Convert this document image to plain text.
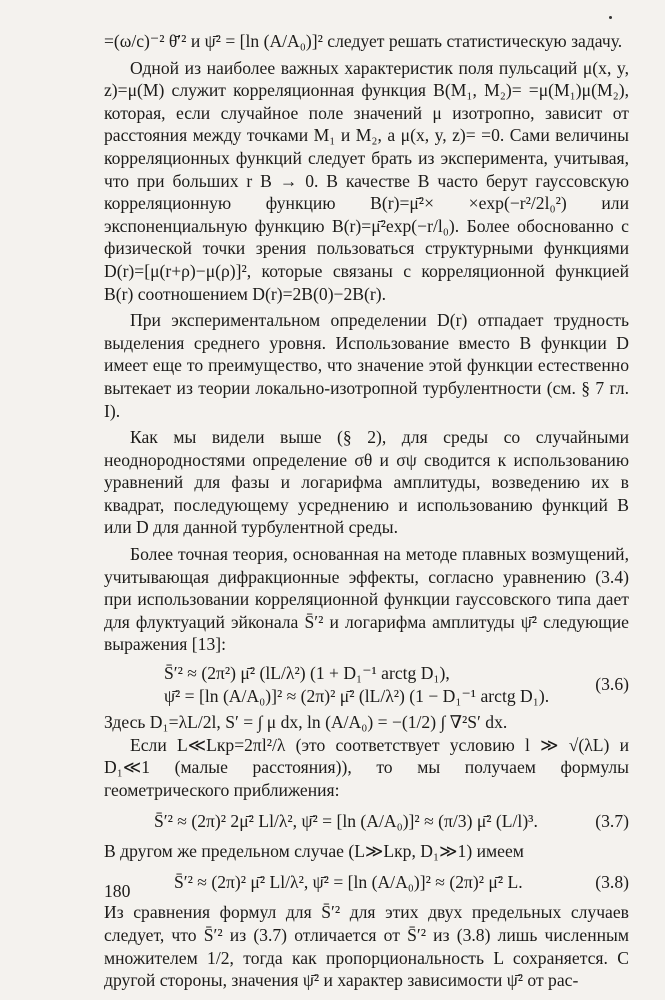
=(ω/c)⁻² θ̄′² и ψ̄² = [ln (A/A₀)]² следует решать статистическую задачу.

Одной из наиболее важных характеристик поля пульсаций μ(x, y, z)=μ(M) служит корреляционная функция B(M₁, M₂)= =μ(M₁)μ(M₂), которая, если случайное поле значений μ изотропно, зависит от расстояния между точками M₁ и M₂, а μ(x, y, z)= =0. Сами величины корреляционных функций следует брать из эксперимента, учитывая, что при больших r B → 0. В качестве B часто берут гауссовскую корреляционную функцию B(r)=μ̄²× ×exp(−r²/2l₀²) или экспоненциальную функцию B(r)=μ̄²exp(−r/l₀). Более обоснованно с физической точки зрения пользоваться структурными функциями D(r)=[μ(r+ρ)−μ(ρ)]², которые связаны с корреляционной функцией B(r) соотношением D(r)=2B(0)−2B(r).

При экспериментальном определении D(r) отпадает трудность выделения среднего уровня. Использование вместо B функции D имеет еще то преимущество, что значение этой функции естественно вытекает из теории локально-изотропной турбулентности (см. § 7 гл. I).

Как мы видели выше (§ 2), для среды со случайными неоднородностями определение σθ и σψ сводится к использованию уравнений для фазы и логарифма амплитуды, возведению их в квадрат, последующему усреднению и использованию функций B или D для данной турбулентной среды.

Более точная теория, основанная на методе плавных возмущений, учитывающая дифракционные эффекты, согласно уравнению (3.4) при использовании корреляционной функции гауссовского типа дает для флуктуаций эйконала S̄′² и логарифма амплитуды ψ̄² следующие выражения [13]:

S̄′² ≈ (2π²) μ̄² (lL/λ²) (1 + D₁⁻¹ arctg D₁),
ψ̄² = [ln (A/A₀)]² ≈ (2π)² μ̄² (lL/λ²) (1 − D₁⁻¹ arctg D₁).
(3.6)

Здесь D₁=λL/2l, S′ = ∫ μ dx, ln (A/A₀) = −(1/2) ∫ ∇²S′ dx.

Если L≪Lкр=2πl²/λ (это соответствует условию l ≫ √(λL) и D₁≪1 (малые расстояния)), то мы получаем формулы геометрического приближения:

S̄′² ≈ (2π)² 2μ̄² Ll/λ², ψ̄² = [ln (A/A₀)]² ≈ (π/3) μ̄² (L/l)³.	(3.7)

В другом же предельном случае (L≫Lкр, D₁≫1) имеем

S̄′² ≈ (2π)² μ̄² Ll/λ², ψ̄² = [ln (A/A₀)]² ≈ (2π)² μ̄² L.	(3.8)

Из сравнения формул для S̄′² для этих двух предельных случаев следует, что S̄′² из (3.7) отличается от S̄′² из (3.8) лишь численным множителем 1/2, тогда как пропорциональность L сохраняется. С другой стороны, значения ψ̄² и характер зависимости ψ̄² от рас-

180
